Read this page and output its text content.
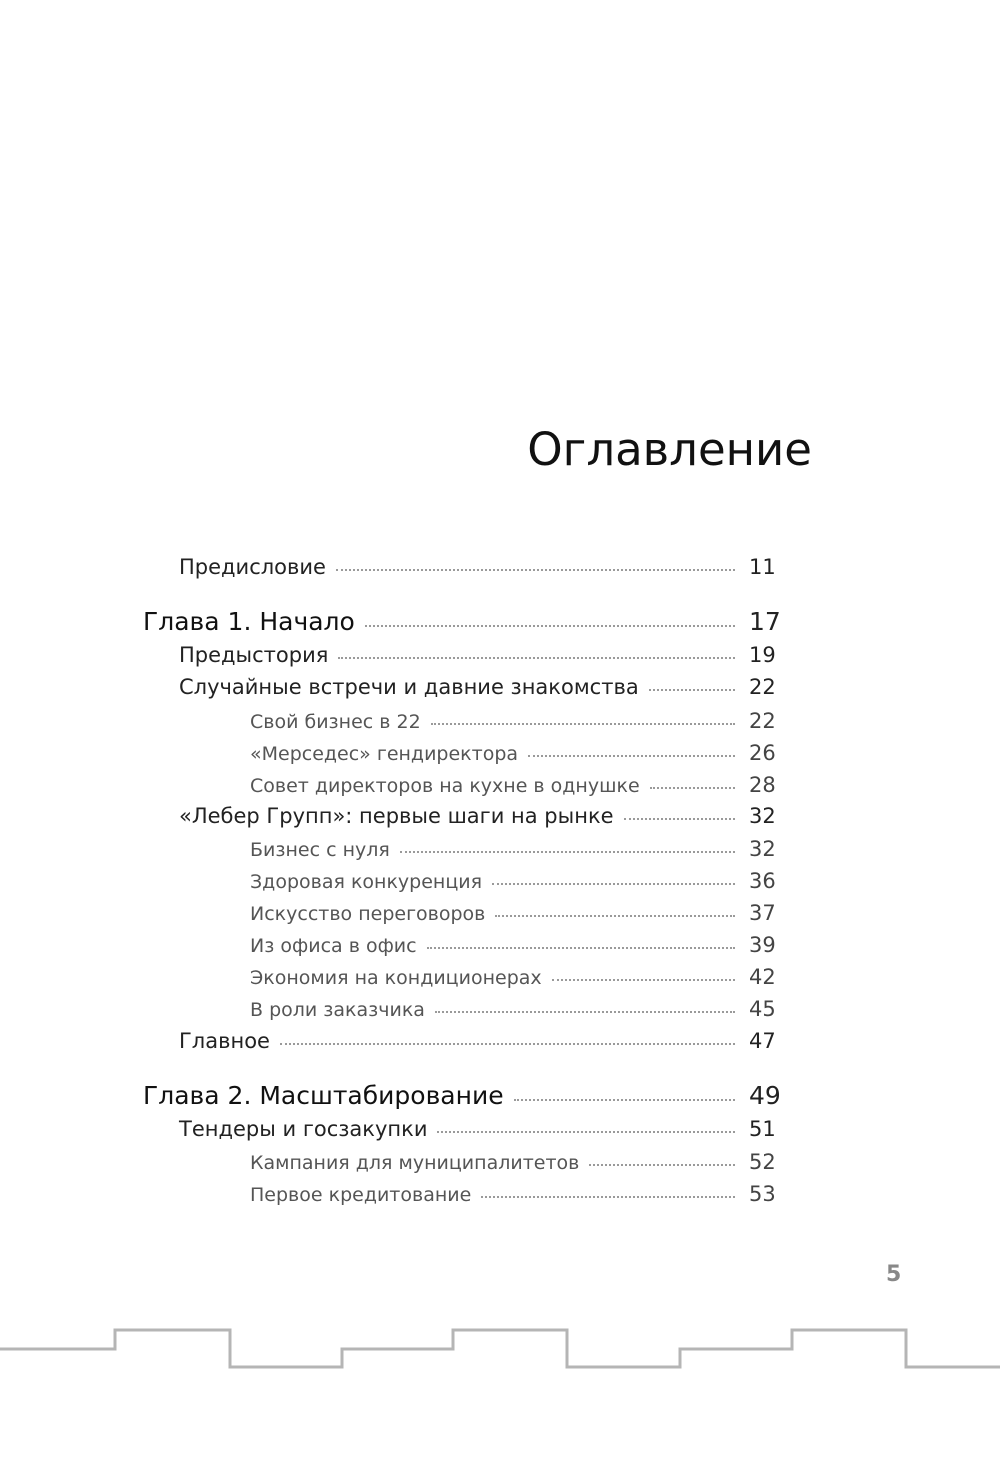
Оглавление
Предисловие	11
Глава 1. Начало	17
Предыстория	19
Случайные встречи и давние знакомства	22
Свой бизнес в 22	22
«Мерседес» гендиректора	26
Совет директоров на кухне в однушке	28
«Лебер Групп»: первые шаги на рынке	32
Бизнес с нуля	32
Здоровая конкуренция	36
Искусство переговоров	37
Из офиса в офис	39
Экономия на кондиционерах	42
В роли заказчика	45
Главное	47
Глава 2. Масштабирование	49
Тендеры и госзакупки	51
Кампания для муниципалитетов	52
Первое кредитование	53
5
